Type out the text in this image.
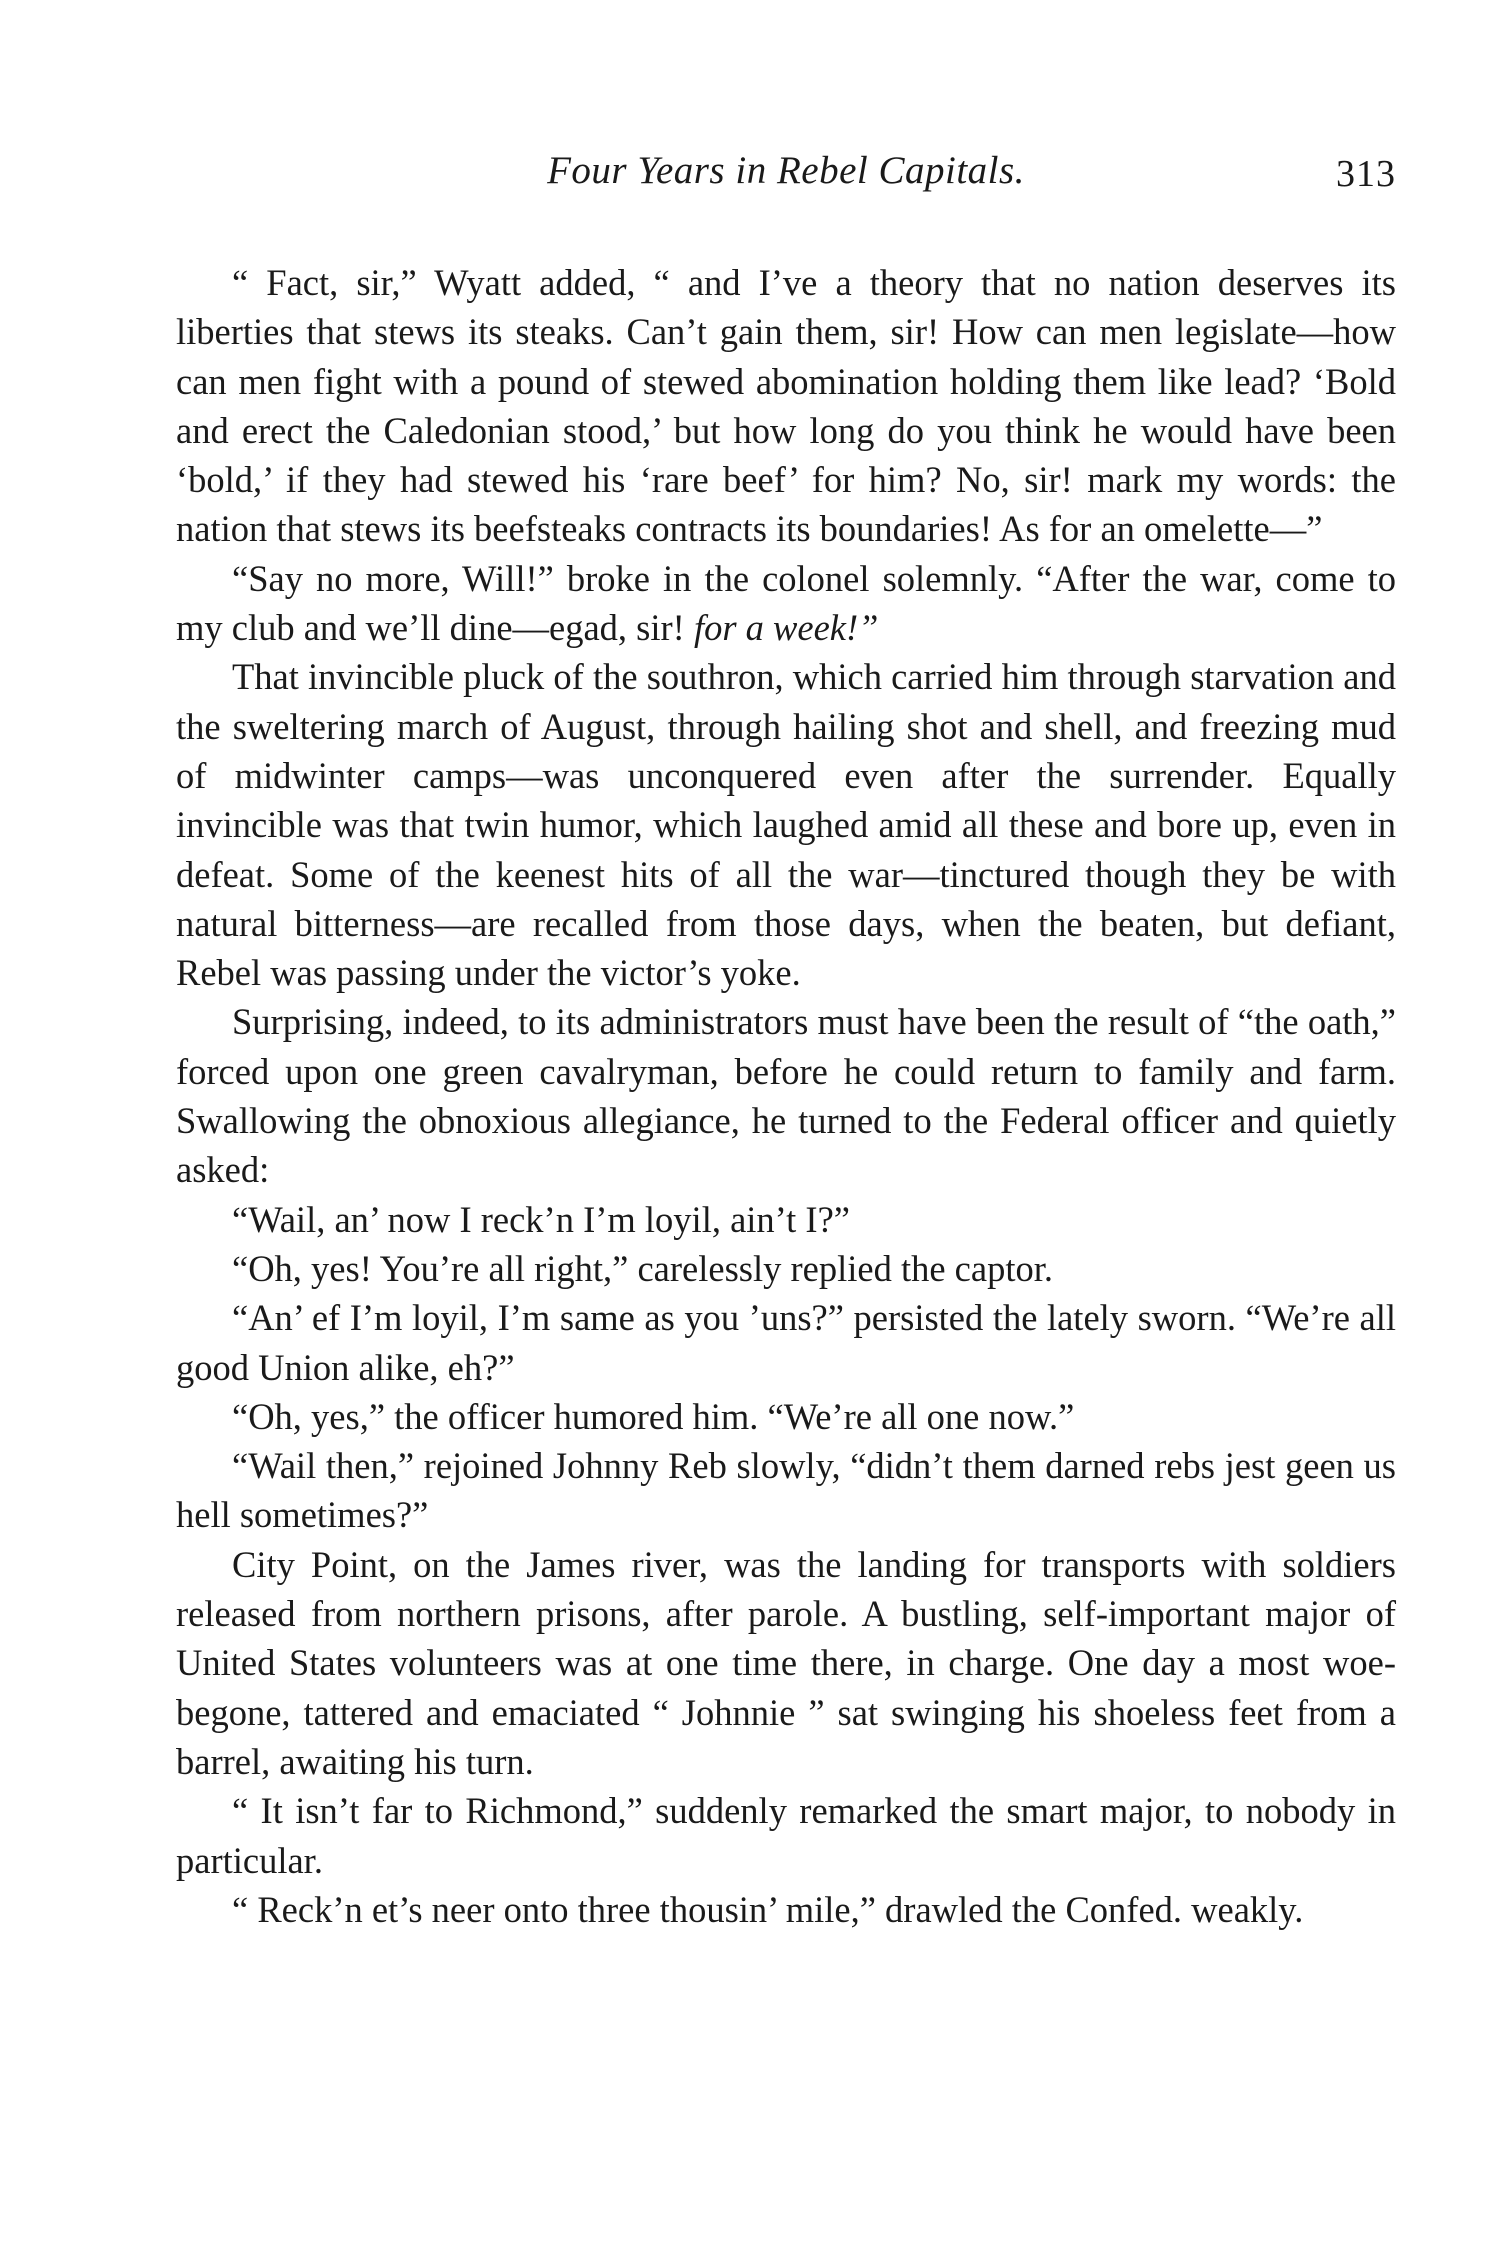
Four Years in Rebel Capitals.	313

“ Fact, sir,” Wyatt added, “ and I’ve a theory that no nation deserves its liberties that stews its steaks. Can’t gain them, sir! How can men legislate—how can men fight with a pound of stewed abomination holding them like lead? ‘Bold and erect the Caledonian stood,’ but how long do you think he would have been ‘bold,’ if they had stewed his ‘rare beef’ for him? No, sir! mark my words: the nation that stews its beefsteaks contracts its boundaries! As for an omelette—”

“Say no more, Will!” broke in the colonel solemnly. “After the war, come to my club and we’ll dine—egad, sir! for a week!”

That invincible pluck of the southron, which carried him through starvation and the sweltering march of August, through hailing shot and shell, and freezing mud of midwinter camps—was unconquered even after the surrender. Equally invincible was that twin humor, which laughed amid all these and bore up, even in defeat. Some of the keenest hits of all the war—tinctured though they be with natural bitterness—are recalled from those days, when the beaten, but defiant, Rebel was passing under the victor’s yoke.

Surprising, indeed, to its administrators must have been the result of “the oath,” forced upon one green cavalryman, before he could return to family and farm. Swallowing the obnoxious allegiance, he turned to the Federal officer and quietly asked:

“Wail, an’ now I reck’n I’m loyil, ain’t I?”

“Oh, yes! You’re all right,” carelessly replied the captor.

“An’ ef I’m loyil, I’m same as you ’uns?” persisted the lately sworn. “We’re all good Union alike, eh?”

“Oh, yes,” the officer humored him. “We’re all one now.”

“Wail then,” rejoined Johnny Reb slowly, “didn’t them darned rebs jest geen us hell sometimes?”

City Point, on the James river, was the landing for transports with soldiers released from northern prisons, after parole. A bustling, self-important major of United States volunteers was at one time there, in charge. One day a most woe-begone, tattered and emaciated “ Johnnie ” sat swinging his shoeless feet from a barrel, awaiting his turn.

“ It isn’t far to Richmond,” suddenly remarked the smart major, to nobody in particular.

“ Reck’n et’s neer onto three thousin’ mile,” drawled the Confed. weakly.
